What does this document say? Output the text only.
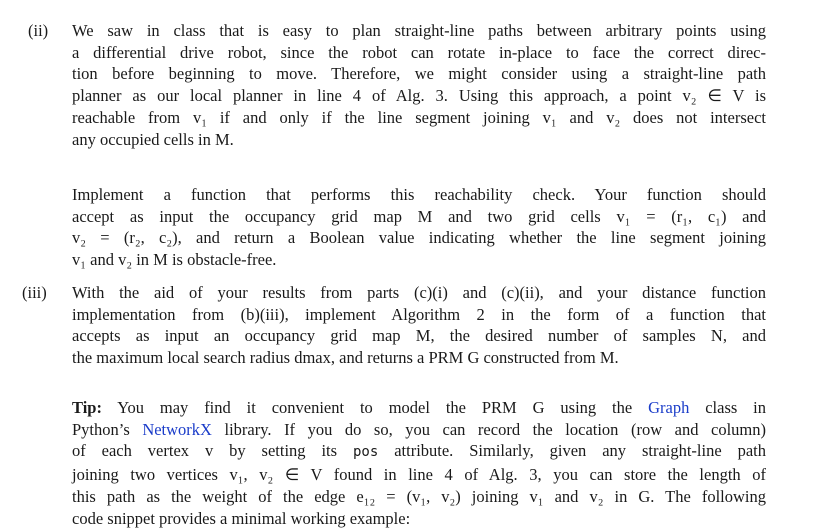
(ii) We saw in class that is easy to plan straight-line paths between arbitrary points using
a differential drive robot, since the robot can rotate in-place to face the correct direc-
tion before beginning to move. Therefore, we might consider using a straight-line path
planner as our local planner in line 4 of Alg. 3. Using this approach, a point v₂ ∈ V is
reachable from v₁ if and only if the line segment joining v₁ and v₂ does not intersect
any occupied cells in M.
Implement a function that performs this reachability check. Your function should
accept as input the occupancy grid map M and two grid cells v₁ = (r₁, c₁) and
v₂ = (r₂, c₂), and return a Boolean value indicating whether the line segment joining
v₁ and v₂ in M is obstacle-free.
(iii) With the aid of your results from parts (c)(i) and (c)(ii), and your distance function
implementation from (b)(iii), implement Algorithm 2 in the form of a function that
accepts as input an occupancy grid map M, the desired number of samples N, and
the maximum local search radius dmax, and returns a PRM G constructed from M.
Tip: You may find it convenient to model the PRM G using the Graph class in
Python’s NetworkX library. If you do so, you can record the location (row and column)
of each vertex v by setting its pos attribute. Similarly, given any straight-line path
joining two vertices v₁, v₂ ∈ V found in line 4 of Alg. 3, you can store the length of
this path as the weight of the edge e₁₂ = (v₁, v₂) joining v₁ and v₂ in G. The following
code snippet provides a minimal working example:
